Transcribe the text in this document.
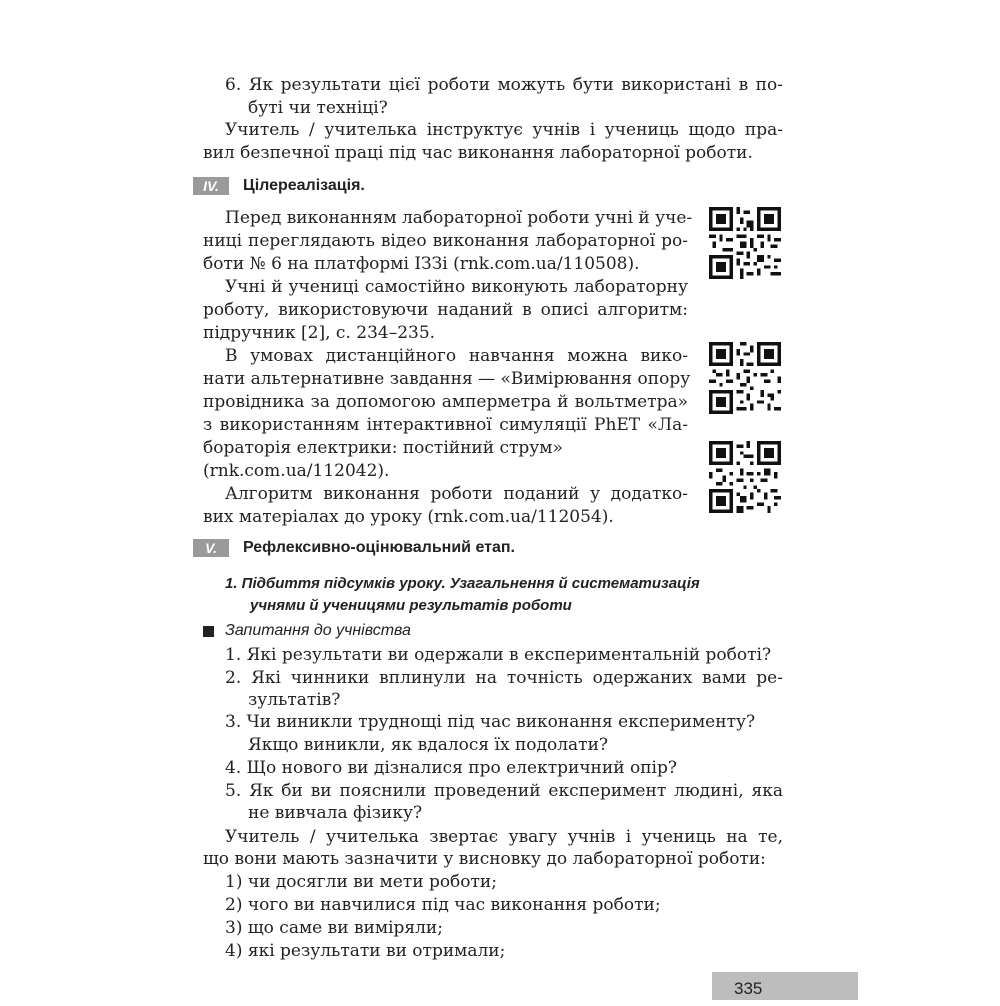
6. Як результати цієї роботи можуть бути використані в по-
буті чи техніці?
Учитель / учителька інструктує учнів і учениць щодо пра-
вил безпечної праці під час виконання лабораторної роботи.
IV.	Цілереалізація.
Перед виконанням лабораторної роботи учні й уче-
ниці переглядають відео виконання лабораторної ро-
боти № 6 на платформі ІЗЗі (rnk.com.ua/110508).
Учні й учениці самостійно виконують лабораторну
роботу, використовуючи наданий в описі алгоритм:
підручник [2], с. 234–235.
В умовах дистанційного навчання можна вико-
нати альтернативне завдання — «Вимірювання опору
провідника за допомогою амперметра й вольтметра»
з використанням інтерактивної симуляції PhET «Ла-
бораторія електрики: постійний струм»
(rnk.com.ua/112042).
Алгоритм виконання роботи поданий у додатко-
вих матеріалах до уроку (rnk.com.ua/112054).
V.	Рефлексивно-оцінювальний етап.
1. Підбиття підсумків уроку. Узагальнення й систематизація
учнями й ученицями результатів роботи
Запитання до учнівства
1. Які результати ви одержали в експериментальній роботі?
2. Які чинники вплинули на точність одержаних вами ре-
зультатів?
3. Чи виникли труднощі під час виконання експерименту?
Якщо виникли, як вдалося їх подолати?
4. Що нового ви дізналися про електричний опір?
5. Як би ви пояснили проведений експеримент людині, яка
не вивчала фізику?
Учитель / учителька звертає увагу учнів і учениць на те,
що вони мають зазначити у висновку до лабораторної роботи:
1) чи досягли ви мети роботи;
2) чого ви навчилися під час виконання роботи;
3) що саме ви виміряли;
4) які результати ви отримали;
335
